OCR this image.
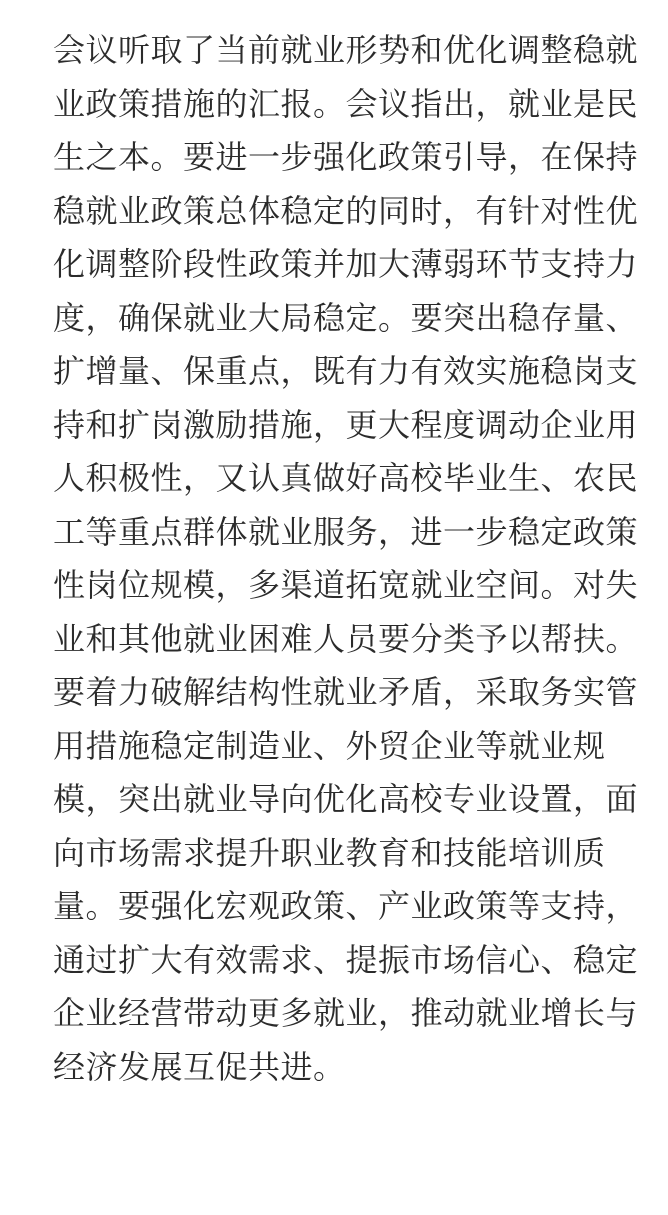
会议听取了当前就业形势和优化调整稳就
业政策措施的汇报。会议指出，就业是民
生之本。要进一步强化政策引导，在保持
稳就业政策总体稳定的同时，有针对性优
化调整阶段性政策并加大薄弱环节支持力
度，确保就业大局稳定。要突出稳存量、
扩增量、保重点，既有力有效实施稳岗支
持和扩岗激励措施，更大程度调动企业用
人积极性，又认真做好高校毕业生、农民
工等重点群体就业服务，进一步稳定政策
性岗位规模，多渠道拓宽就业空间。对失
业和其他就业困难人员要分类予以帮扶。
要着力破解结构性就业矛盾，采取务实管
用措施稳定制造业、外贸企业等就业规
模，突出就业导向优化高校专业设置，面
向市场需求提升职业教育和技能培训质
量。要强化宏观政策、产业政策等支持，
通过扩大有效需求、提振市场信心、稳定
企业经营带动更多就业，推动就业增长与
经济发展互促共进。
